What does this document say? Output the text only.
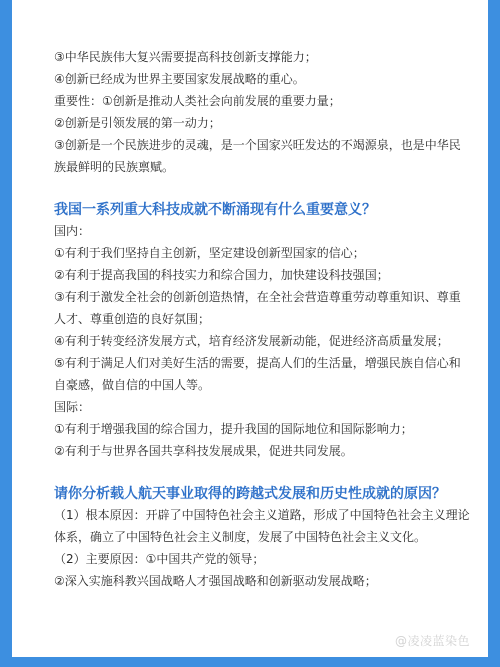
③中华民族伟大复兴需要提高科技创新支撑能力；

④创新已经成为世界主要国家发展战略的重心。

重要性：①创新是推动人类社会向前发展的重要力量；

②创新是引领发展的第一动力；

③创新是一个民族进步的灵魂，是一个国家兴旺发达的不竭源泉，也是中华民族最鲜明的民族禀赋。

我国一系列重大科技成就不断涌现有什么重要意义？

国内：

①有利于我们坚持自主创新，坚定建设创新型国家的信心；

②有利于提高我国的科技实力和综合国力，加快建设科技强国；

③有利于激发全社会的创新创造热情，在全社会营造尊重劳动尊重知识、尊重人才、尊重创造的良好氛围；

④有利于转变经济发展方式，培育经济发展新动能，促进经济高质量发展；

⑤有利于满足人们对美好生活的需要，提高人们的生活量，增强民族自信心和自豪感，做自信的中国人等。

国际：

①有利于增强我国的综合国力，提升我国的国际地位和国际影响力；

②有利于与世界各国共享科技发展成果，促进共同发展。

请你分析载人航天事业取得的跨越式发展和历史性成就的原因？

（1）根本原因：开辟了中国特色社会主义道路，形成了中国特色社会主义理论体系，确立了中国特色社会主义制度，发展了中国特色社会主义文化。

（2）主要原因：①中国共产党的领导；

②深入实施科教兴国战略人才强国战略和创新驱动发展战略；

@凌凌蓝染色
